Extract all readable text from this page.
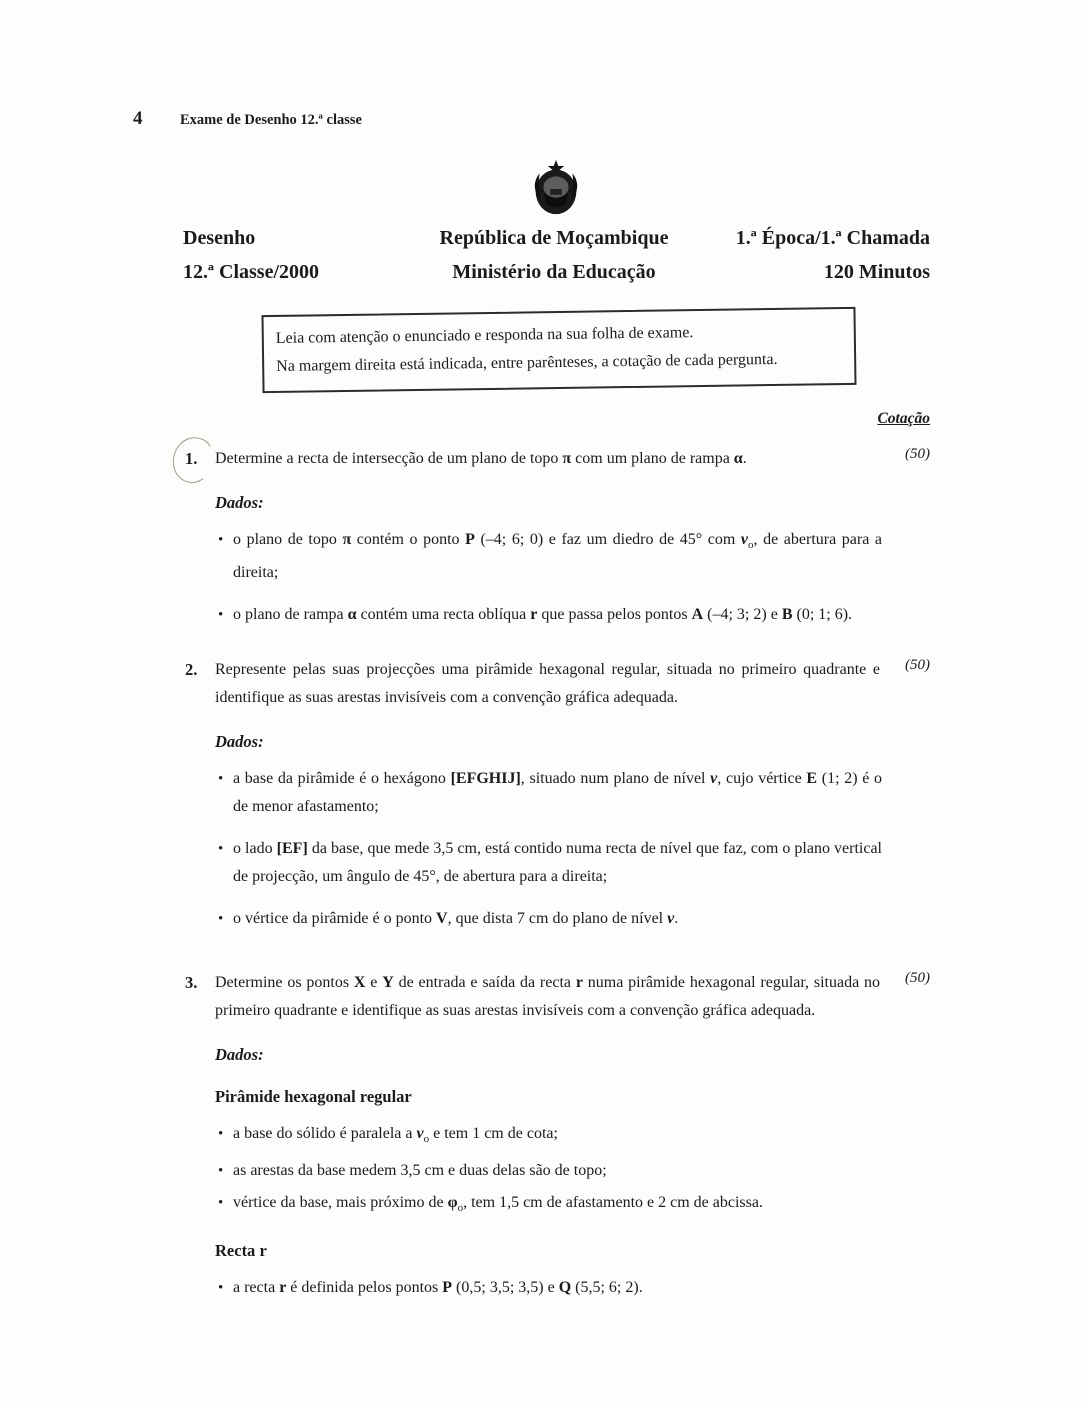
4	Exame de Desenho 12.ª classe
Desenho
12.ª Classe/2000
República de Moçambique
Ministério da Educação
1.ª Época/1.ª Chamada
120 Minutos
Leia com atenção o enunciado e responda na sua folha de exame.
Na margem direita está indicada, entre parênteses, a cotação de cada pergunta.
Cotação
1. Determine a recta de intersecção de um plano de topo π com um plano de rampa α.	(50)
Dados:
• o plano de topo π contém o ponto P (–4; 6; 0) e faz um diedro de 45° com $v_o$, de abertura para a direita;
• o plano de rampa α contém uma recta oblíqua r que passa pelos pontos A (–4; 3; 2) e B (0; 1; 6).
2. Represente pelas suas projecções uma pirâmide hexagonal regular, situada no primeiro quadrante e identifique as suas arestas invisíveis com a convenção gráfica adequada.
(50)
Dados:
• a base da pirâmide é o hexágono [EFGHIJ], situado num plano de nível v, cujo vértice E (1; 2) é o de menor afastamento;
• o lado [EF] da base, que mede 3,5 cm, está contido numa recta de nível que faz, com o plano vertical de projecção, um ângulo de 45°, de abertura para a direita;
• o vértice da pirâmide é o ponto V, que dista 7 cm do plano de nível v.
3. Determine os pontos X e Y de entrada e saída da recta r numa pirâmide hexagonal regular, situada no primeiro quadrante e identifique as suas arestas invisíveis com a convenção gráfica adequada.
(50)
Dados:
Pirâmide hexagonal regular
• a base do sólido é paralela a $v_o$ e tem 1 cm de cota;
• as arestas da base medem 3,5 cm e duas delas são de topo;
• vértice da base, mais próximo de $\varphi_o$, tem 1,5 cm de afastamento e 2 cm de abcissa.
Recta r
• a recta r é definida pelos pontos P (0,5; 3,5; 3,5) e Q (5,5; 6; 2).
